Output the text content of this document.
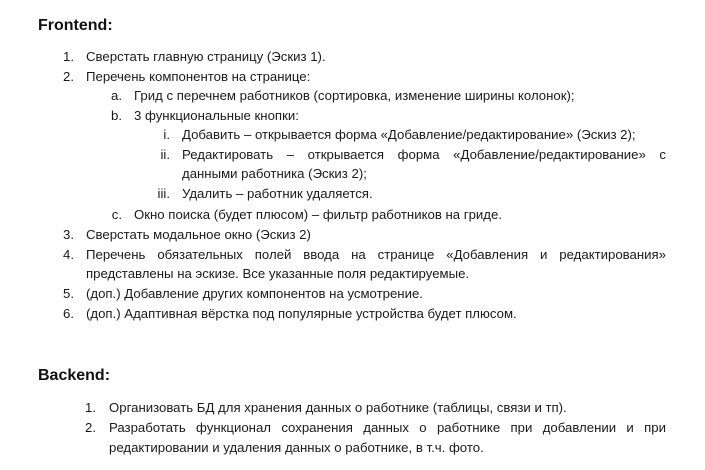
Frontend:
1. Сверстать главную страницу (Эскиз 1).
2. Перечень компонентов на странице:
a. Грид с перечнем работников (сортировка, изменение ширины колонок);
b. 3 функциональные кнопки:
i. Добавить – открывается форма «Добавление/редактирование» (Эскиз 2);
ii. Редактировать – открывается форма «Добавление/редактирование» с
данными работника (Эскиз 2);
iii. Удалить – работник удаляется.
c. Окно поиска (будет плюсом) – фильтр работников на гриде.
3. Сверстать модальное окно (Эскиз 2)
4. Перечень обязательных полей ввода на странице «Добавления и редактирования»
представлены на эскизе. Все указанные поля редактируемые.
5. (доп.) Добавление других компонентов на усмотрение.
6. (доп.) Адаптивная вёрстка под популярные устройства будет плюсом.
Backend:
1. Организовать БД для хранения данных о работнике (таблицы, связи и тп).
2. Разработать функционал сохранения данных о работнике при добавлении и при
редактировании и удаления данных о работнике, в т.ч. фото.
